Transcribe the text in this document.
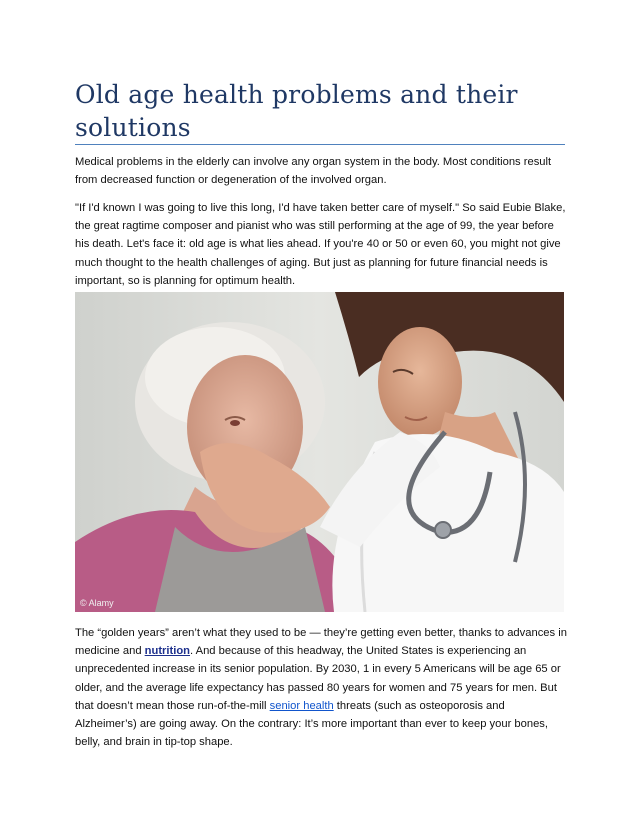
Old age health problems and their solutions

Medical problems in the elderly can involve any organ system in the body. Most conditions result from decreased function or degeneration of the involved organ.

"If I'd known I was going to live this long, I'd have taken better care of myself." So said Eubie Blake, the great ragtime composer and pianist who was still performing at the age of 99, the year before his death. Let's face it: old age is what lies ahead. If you're 40 or 50 or even 60, you might not give much thought to the health challenges of aging. But just as planning for future financial needs is important, so is planning for optimum health.

© Alamy

The “golden years” aren’t what they used to be — they’re getting even better, thanks to advances in medicine and nutrition. And because of this headway, the United States is experiencing an unprecedented increase in its senior population. By 2030, 1 in every 5 Americans will be age 65 or older, and the average life expectancy has passed 80 years for women and 75 years for men. But that doesn’t mean those run-of-the-mill senior health threats (such as osteoporosis and Alzheimer’s) are going away. On the contrary: It’s more important than ever to keep your bones, belly, and brain in tip-top shape.
